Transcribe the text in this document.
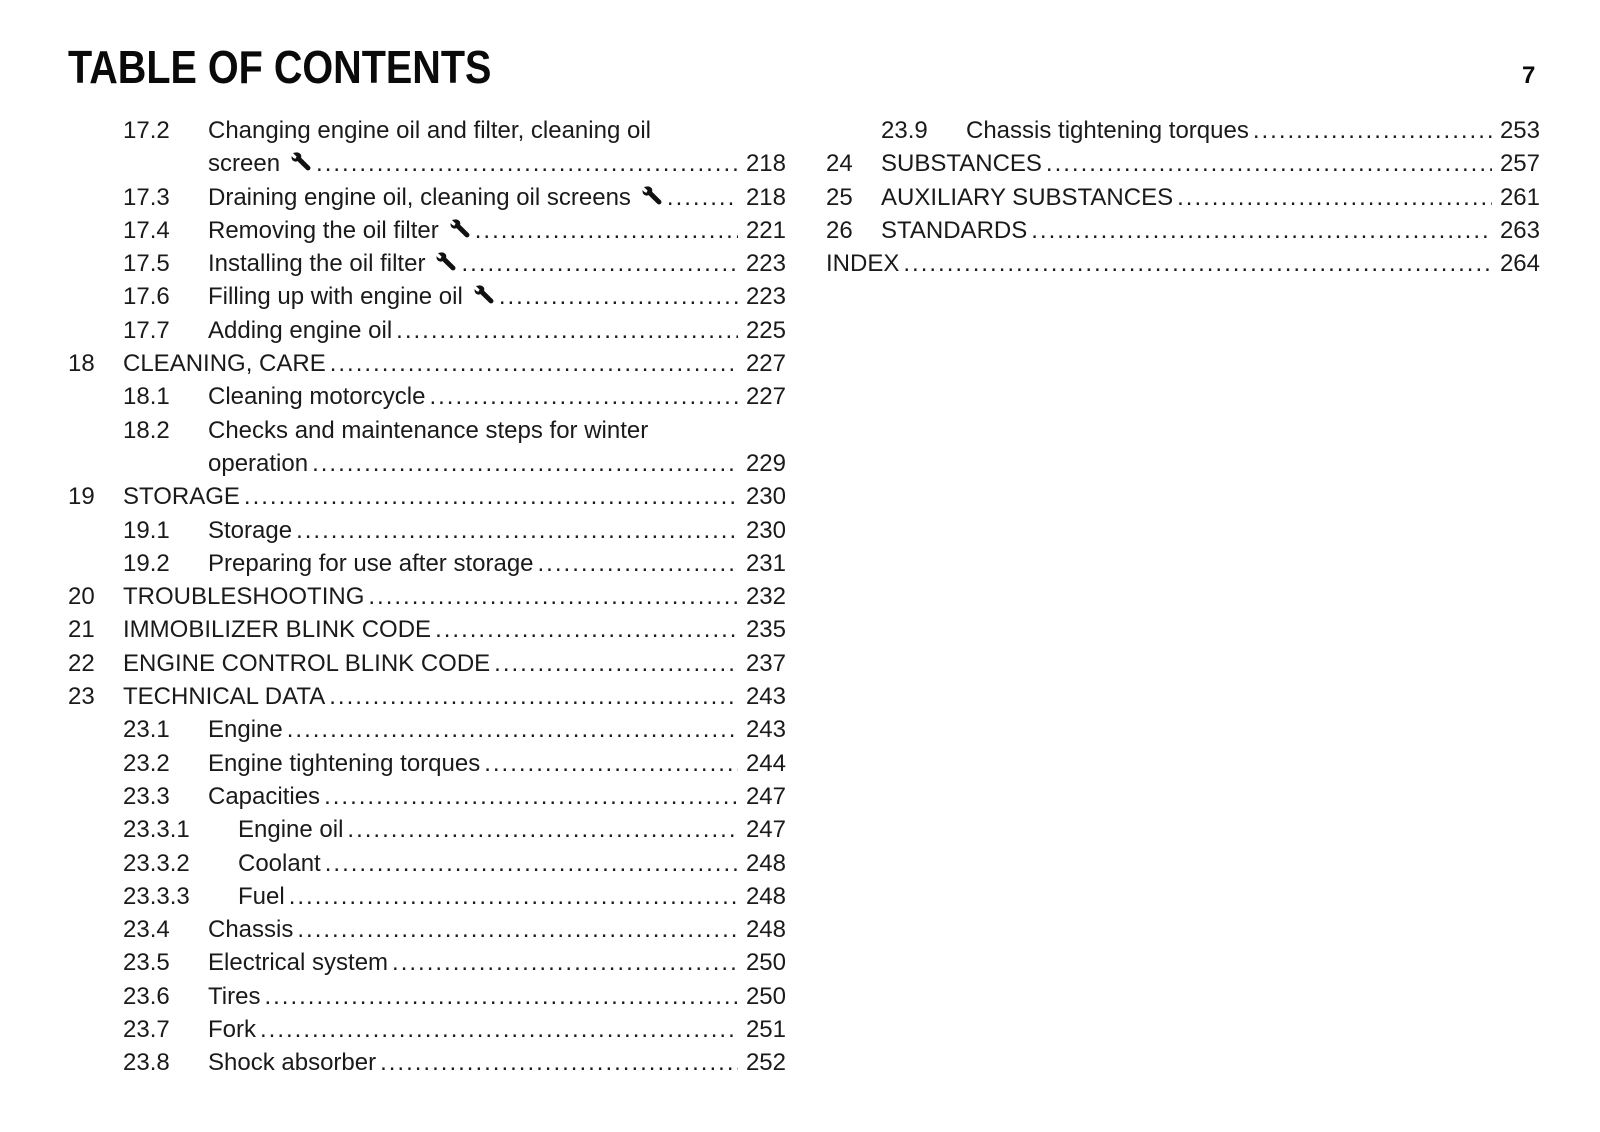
TABLE OF CONTENTS	7
17.2 Changing engine oil and filter, cleaning oil
screen .....	218
17.3 Draining engine oil, cleaning oil screens .....	218
17.4 Removing the oil filter .....	221
17.5 Installing the oil filter .....	223
17.6 Filling up with engine oil .....	223
17.7 Adding engine oil .....	225
18 CLEANING, CARE .....	227
18.1 Cleaning motorcycle .....	227
18.2 Checks and maintenance steps for winter
operation .....	229
19 STORAGE .....	230
19.1 Storage .....	230
19.2 Preparing for use after storage .....	231
20 TROUBLESHOOTING .....	232
21 IMMOBILIZER BLINK CODE .....	235
22 ENGINE CONTROL BLINK CODE .....	237
23 TECHNICAL DATA .....	243
23.1 Engine .....	243
23.2 Engine tightening torques .....	244
23.3 Capacities .....	247
23.3.1 Engine oil .....	247
23.3.2 Coolant .....	248
23.3.3 Fuel .....	248
23.4 Chassis .....	248
23.5 Electrical system .....	250
23.6 Tires .....	250
23.7 Fork .....	251
23.8 Shock absorber .....	252
23.9 Chassis tightening torques .....	253
24 SUBSTANCES .....	257
25 AUXILIARY SUBSTANCES .....	261
26 STANDARDS .....	263
INDEX .....	264
